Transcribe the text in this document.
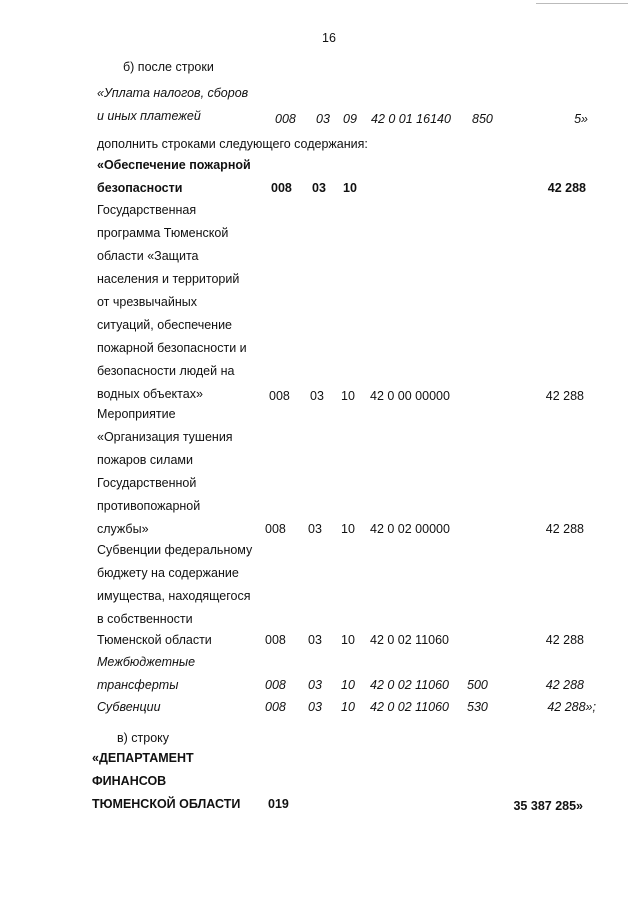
16
б) после строки
«Уплата налогов, сборов
и иных платежей	008 03 09 42 0 01 16140 850	5»
дополнить строками следующего содержания:
«Обеспечение пожарной
безопасности	008 03 10	42 288
Государственная
программа Тюменской
области «Защита
населения и территорий
от чрезвычайных
ситуаций, обеспечение
пожарной безопасности и
безопасности людей на
водных объектах»	008 03 10 42 0 00 00000	42 288
Мероприятие
«Организация тушения
пожаров силами
Государственной
противопожарной
службы»	008 03 10 42 0 02 00000	42 288
Субвенции федеральному
бюджету на содержание
имущества, находящегося
в собственности
Тюменской области	008 03 10 42 0 02 11060	42 288
Межбюджетные
трансферты	008 03 10 42 0 02 11060 500	42 288
Субвенции	008 03 10 42 0 02 11060 530	42 288»;
в) строку
«ДЕПАРТАМЕНТ
ФИНАНСОВ
ТЮМЕНСКОЙ ОБЛАСТИ 019	35 387 285»
